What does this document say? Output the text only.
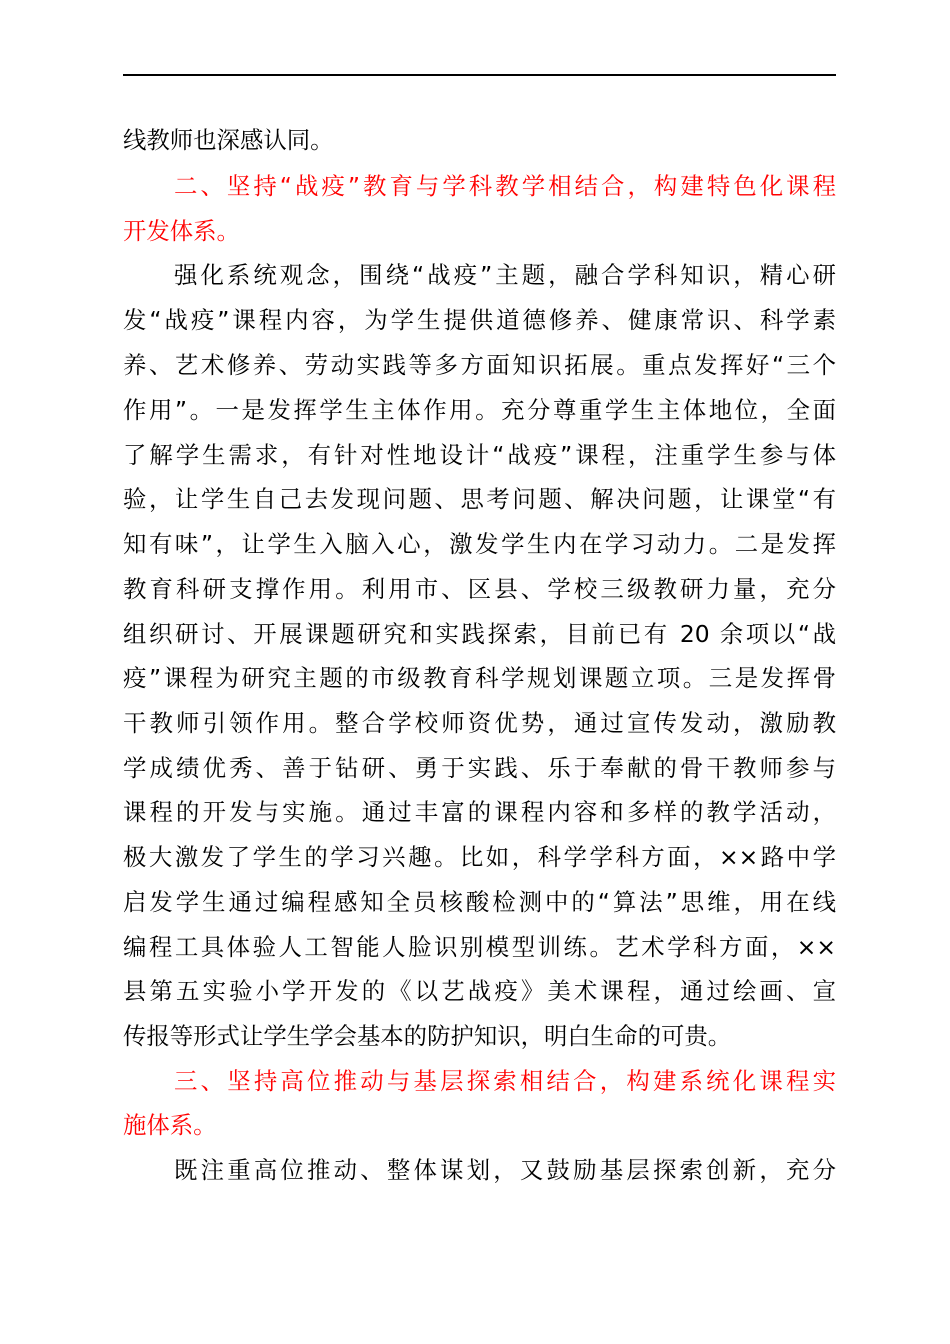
线教师也深感认同。
二、坚持“战疫”教育与学科教学相结合，构建特色化课程
开发体系。
强化系统观念，围绕“战疫”主题，融合学科知识，精心研
发“战疫”课程内容，为学生提供道德修养、健康常识、科学素
养、艺术修养、劳动实践等多方面知识拓展。重点发挥好“三个
作用”。一是发挥学生主体作用。充分尊重学生主体地位，全面
了解学生需求，有针对性地设计“战疫”课程，注重学生参与体
验，让学生自己去发现问题、思考问题、解决问题，让课堂“有
知有味”，让学生入脑入心，激发学生内在学习动力。二是发挥
教育科研支撑作用。利用市、区县、学校三级教研力量，充分
组织研讨、开展课题研究和实践探索，目前已有 20 余项以“战
疫”课程为研究主题的市级教育科学规划课题立项。三是发挥骨
干教师引领作用。整合学校师资优势，通过宣传发动，激励教
学成绩优秀、善于钻研、勇于实践、乐于奉献的骨干教师参与
课程的开发与实施。通过丰富的课程内容和多样的教学活动，
极大激发了学生的学习兴趣。比如，科学学科方面，××路中学
启发学生通过编程感知全员核酸检测中的“算法”思维，用在线
编程工具体验人工智能人脸识别模型训练。艺术学科方面，××
县第五实验小学开发的《以艺战疫》美术课程，通过绘画、宣
传报等形式让学生学会基本的防护知识，明白生命的可贵。
三、坚持高位推动与基层探索相结合，构建系统化课程实
施体系。
既注重高位推动、整体谋划，又鼓励基层探索创新，充分
